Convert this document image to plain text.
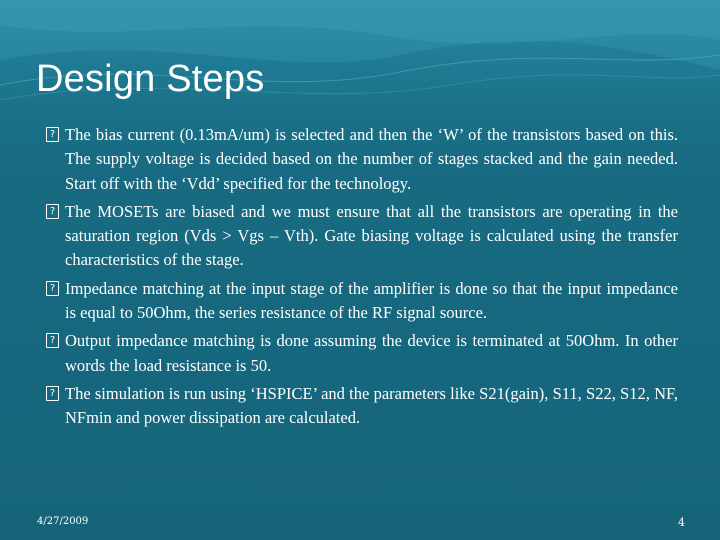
Design Steps
? The bias current (0.13mA/um) is selected and then the ‘W’ of the transistors based on this. The supply voltage is decided based on the number of stages stacked and the gain needed. Start off with the ‘Vdd’ specified for the technology.
? The MOSETs are biased and we must ensure that all the transistors are operating in the saturation region (Vds > Vgs – Vth). Gate biasing voltage is calculated using the transfer characteristics of the stage.
? Impedance matching at the input stage of the amplifier is done so that the input impedance is equal to 50Ohm, the series resistance of the RF signal source.
? Output impedance matching is done assuming the device is terminated at 50Ohm. In other words the load resistance is 50.
? The simulation is run using ‘HSPICE’ and the parameters like S21(gain), S11, S22, S12, NF, NFmin and power dissipation are calculated.
4/27/2009	4
